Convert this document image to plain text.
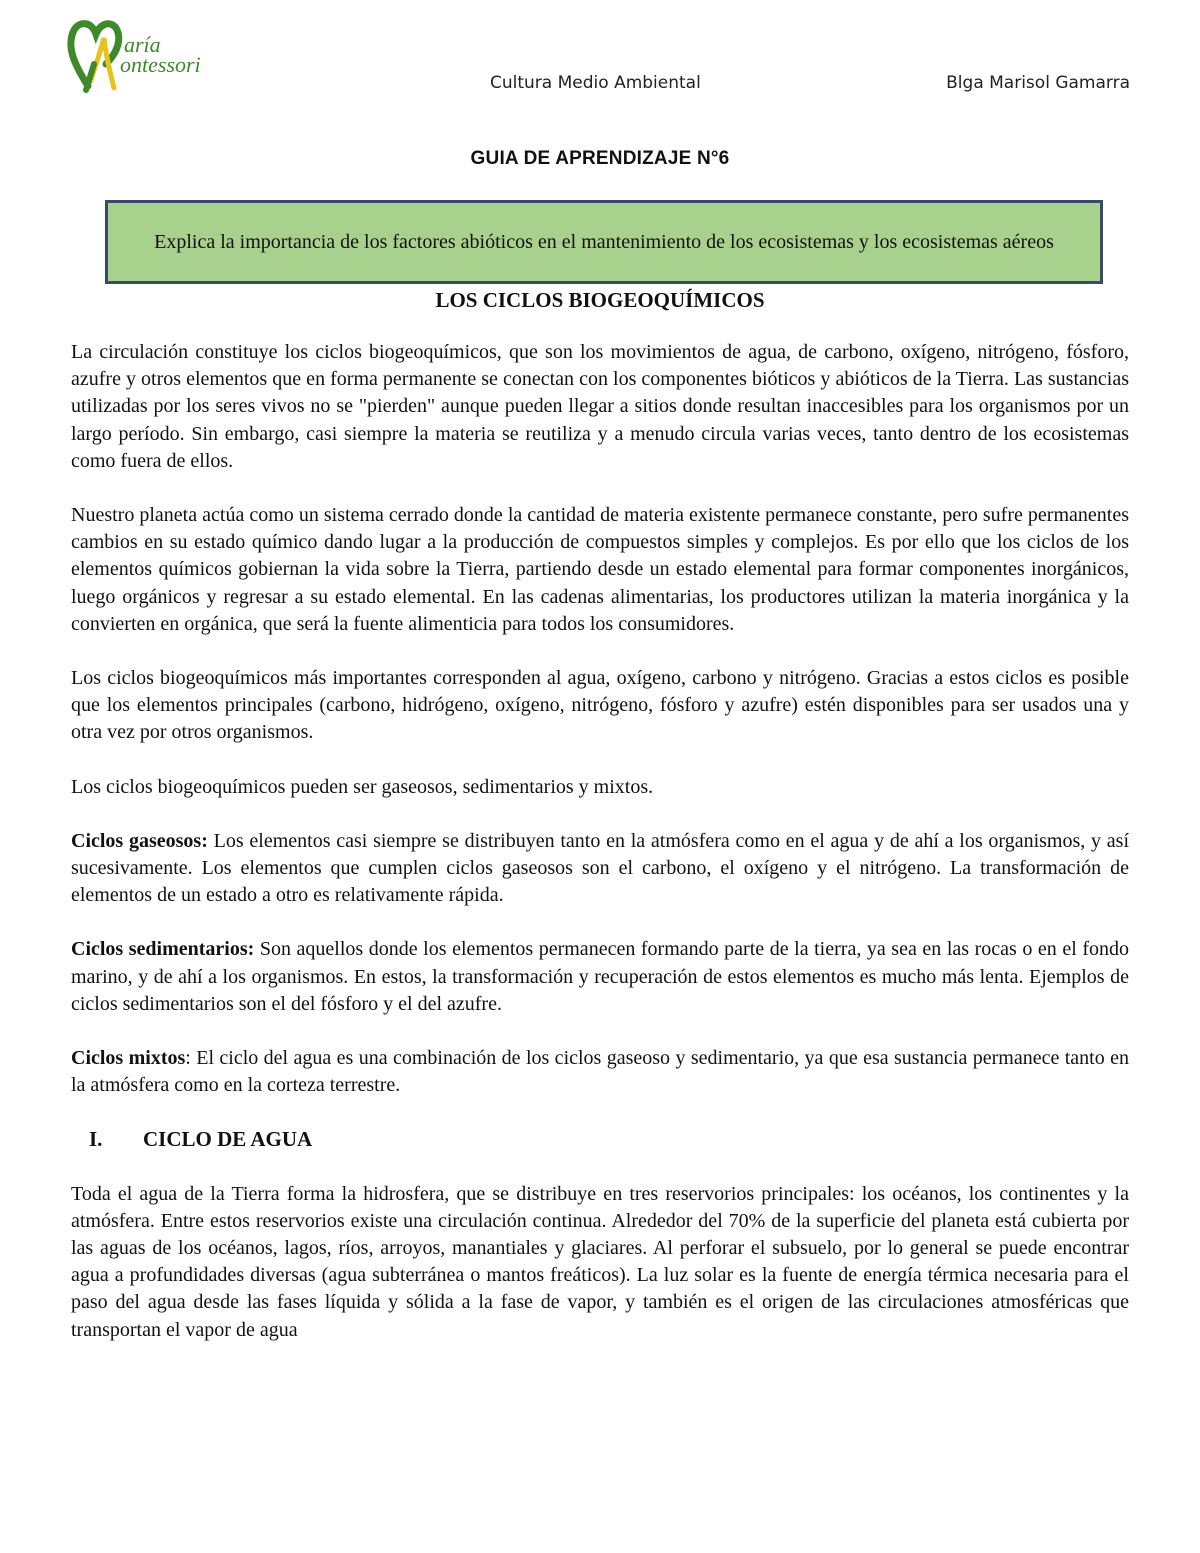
aría
ontessori
Cultura Medio Ambiental	Blga Marisol Gamarra
GUIA DE APRENDIZAJE N°6
Explica la importancia de los factores abióticos en el mantenimiento de los ecosistemas y los ecosistemas aéreos
LOS CICLOS BIOGEOQUÍMICOS

La circulación constituye los ciclos biogeoquímicos, que son los movimientos de agua, de carbono, oxígeno, nitrógeno, fósforo, azufre y otros elementos que en forma permanente se conectan con los componentes bióticos y abióticos de la Tierra. Las sustancias utilizadas por los seres vivos no se "pierden" aunque pueden llegar a sitios donde resultan inaccesibles para los organismos por un largo período. Sin embargo, casi siempre la materia se reutiliza y a menudo circula varias veces, tanto dentro de los ecosistemas como fuera de ellos.

Nuestro planeta actúa como un sistema cerrado donde la cantidad de materia existente permanece constante, pero sufre permanentes cambios en su estado químico dando lugar a la producción de compuestos simples y complejos. Es por ello que los ciclos de los elementos químicos gobiernan la vida sobre la Tierra, partiendo desde un estado elemental para formar componentes inorgánicos, luego orgánicos y regresar a su estado elemental. En las cadenas alimentarias, los productores utilizan la materia inorgánica y la convierten en orgánica, que será la fuente alimenticia para todos los consumidores.

Los ciclos biogeoquímicos más importantes corresponden al agua, oxígeno, carbono y nitrógeno. Gracias a estos ciclos es posible que los elementos principales (carbono, hidrógeno, oxígeno, nitrógeno, fósforo y azufre) estén disponibles para ser usados una y otra vez por otros organismos.

Los ciclos biogeoquímicos pueden ser gaseosos, sedimentarios y mixtos.

Ciclos gaseosos: Los elementos casi siempre se distribuyen tanto en la atmósfera como en el agua y de ahí a los organismos, y así sucesivamente. Los elementos que cumplen ciclos gaseosos son el carbono, el oxígeno y el nitrógeno. La transformación de elementos de un estado a otro es relativamente rápida.

Ciclos sedimentarios: Son aquellos donde los elementos permanecen formando parte de la tierra, ya sea en las rocas o en el fondo marino, y de ahí a los organismos. En estos, la transformación y recuperación de estos elementos es mucho más lenta. Ejemplos de ciclos sedimentarios son el del fósforo y el del azufre.

Ciclos mixtos: El ciclo del agua es una combinación de los ciclos gaseoso y sedimentario, ya que esa sustancia permanece tanto en la atmósfera como en la corteza terrestre.

I.	CICLO DE AGUA

Toda el agua de la Tierra forma la hidrosfera, que se distribuye en tres reservorios principales: los océanos, los continentes y la atmósfera. Entre estos reservorios existe una circulación continua. Alrededor del 70% de la superficie del planeta está cubierta por las aguas de los océanos, lagos, ríos, arroyos, manantiales y glaciares. Al perforar el subsuelo, por lo general se puede encontrar agua a profundidades diversas (agua subterránea o mantos freáticos). La luz solar es la fuente de energía térmica necesaria para el paso del agua desde las fases líquida y sólida a la fase de vapor, y también es el origen de las circulaciones atmosféricas que transportan el vapor de agua
